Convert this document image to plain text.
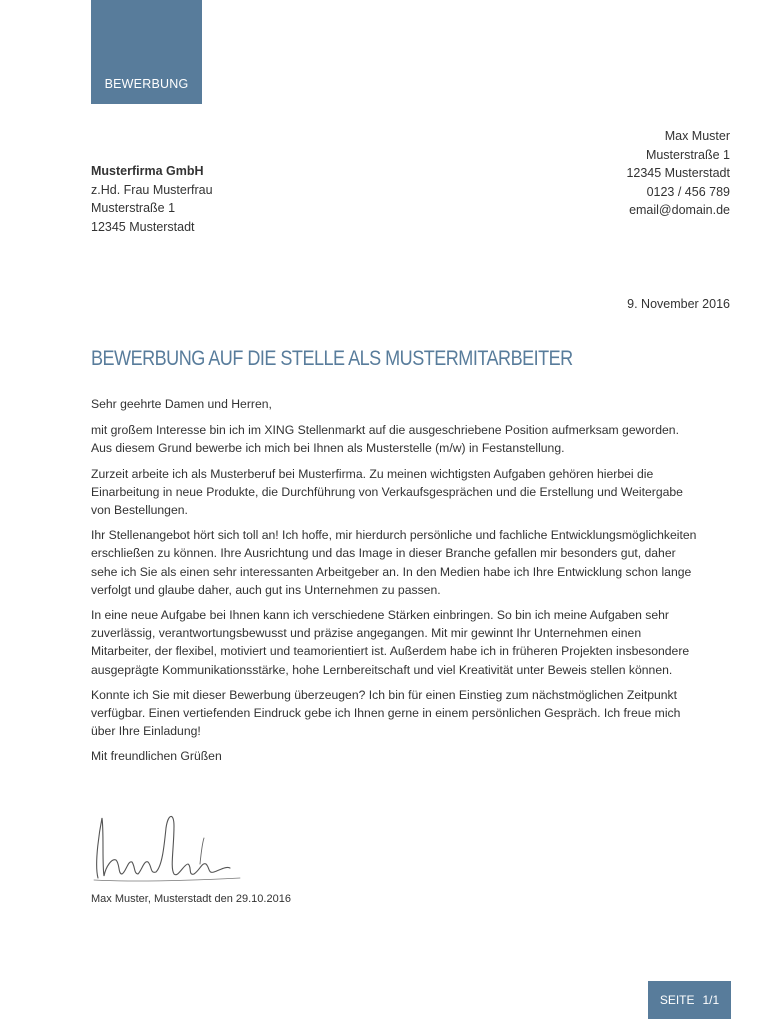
BEWERBUNG
Max Muster
Musterstraße 1
12345 Musterstadt
0123 / 456 789
email@domain.de
Musterfirma GmbH
z.Hd. Frau Musterfrau
Musterstraße 1
12345 Musterstadt
9. November 2016
BEWERBUNG AUF DIE STELLE ALS MUSTERMITARBEITER

Sehr geehrte Damen und Herren,

mit großem Interesse bin ich im XING Stellenmarkt auf die ausgeschriebene Position aufmerksam geworden. Aus diesem Grund bewerbe ich mich bei Ihnen als Musterstelle (m/w) in Festanstellung.

Zurzeit arbeite ich als Musterberuf bei Musterfirma. Zu meinen wichtigsten Aufgaben gehören hierbei die Einarbeitung in neue Produkte, die Durchführung von Verkaufsgesprächen und die Erstellung und Weitergabe von Bestellungen.

Ihr Stellenangebot hört sich toll an! Ich hoffe, mir hierdurch persönliche und fachliche Entwicklungsmöglichkeiten erschließen zu können. Ihre Ausrichtung und das Image in dieser Branche gefallen mir besonders gut, daher sehe ich Sie als einen sehr interessanten Arbeitgeber an. In den Medien habe ich Ihre Entwicklung schon lange verfolgt und glaube daher, auch gut ins Unternehmen zu passen.

In eine neue Aufgabe bei Ihnen kann ich verschiedene Stärken einbringen. So bin ich meine Aufgaben sehr zuverlässig, verantwortungsbewusst und präzise angegangen. Mit mir gewinnt Ihr Unternehmen einen Mitarbeiter, der flexibel, motiviert und teamorientiert ist. Außerdem habe ich in früheren Projekten insbesondere ausgeprägte Kommunikationsstärke, hohe Lernbereitschaft und viel Kreativität unter Beweis stellen können.

Konnte ich Sie mit dieser Bewerbung überzeugen? Ich bin für einen Einstieg zum nächstmöglichen Zeitpunkt verfügbar. Einen vertiefenden Eindruck gebe ich Ihnen gerne in einem persönlichen Gespräch. Ich freue mich über Ihre Einladung!

Mit freundlichen Grüßen

Max Muster, Musterstadt den 29.10.2016
SEITE 1/1
